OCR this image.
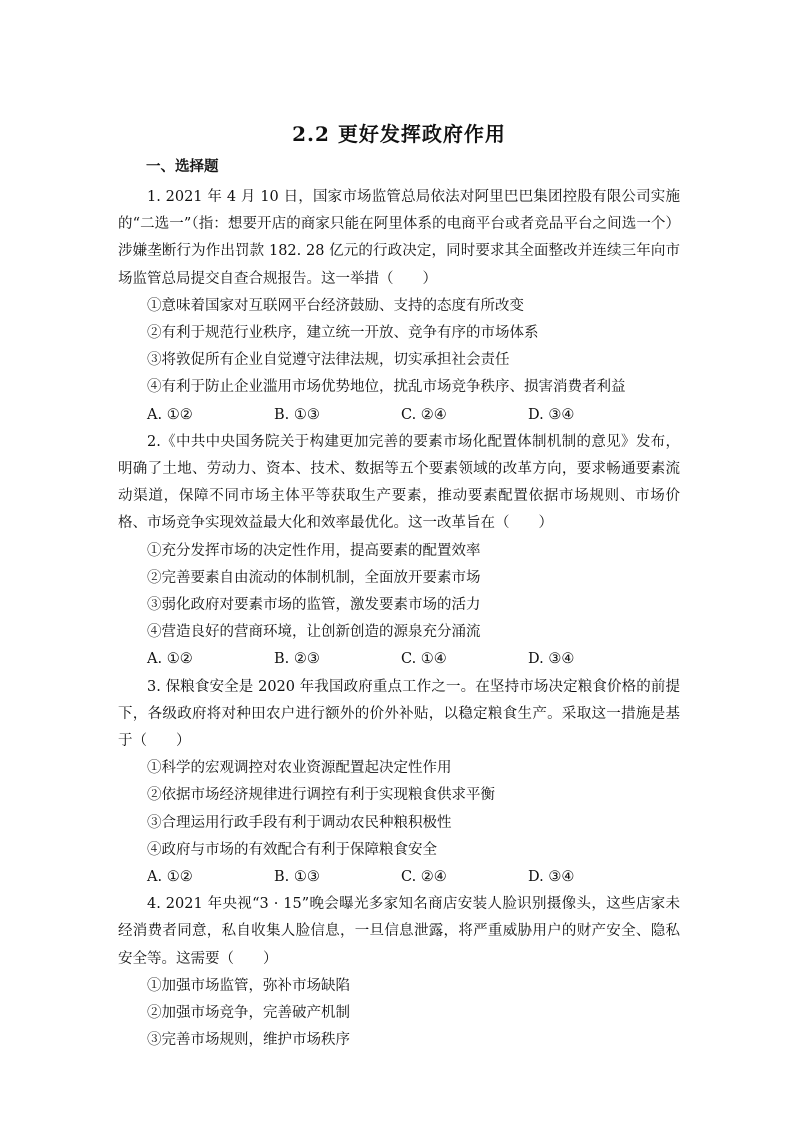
2.2 更好发挥政府作用
一、选择题

1. 2021 年 4 月 10 日，国家市场监管总局依法对阿里巴巴集团控股有限公司实施的“二选一”（指：想要开店的商家只能在阿里体系的电商平台或者竞品平台之间选一个）涉嫌垄断行为作出罚款 182. 28 亿元的行政决定，同时要求其全面整改并连续三年向市场监管总局提交自查合规报告。这一举措（　　）

①意味着国家对互联网平台经济鼓励、支持的态度有所改变

②有利于规范行业秩序，建立统一开放、竞争有序的市场体系

③将敦促所有企业自觉遵守法律法规，切实承担社会责任

④有利于防止企业滥用市场优势地位，扰乱市场竞争秩序、损害消费者利益

A. ①②	B. ①③	C. ②④	D. ③④

2.《中共中央国务院关于构建更加完善的要素市场化配置体制机制的意见》发布，明确了土地、劳动力、资本、技术、数据等五个要素领域的改革方向，要求畅通要素流动渠道，保障不同市场主体平等获取生产要素，推动要素配置依据市场规则、市场价格、市场竞争实现效益最大化和效率最优化。这一改革旨在（　　）

①充分发挥市场的决定性作用，提高要素的配置效率

②完善要素自由流动的体制机制，全面放开要素市场

③弱化政府对要素市场的监管，激发要素市场的活力

④营造良好的营商环境，让创新创造的源泉充分涌流

A. ①②	B. ②③	C. ①④	D. ③④

3. 保粮食安全是 2020 年我国政府重点工作之一。在坚持市场决定粮食价格的前提下，各级政府将对种田农户进行额外的价外补贴，以稳定粮食生产。采取这一措施是基于（　　）

①科学的宏观调控对农业资源配置起决定性作用

②依据市场经济规律进行调控有利于实现粮食供求平衡

③合理运用行政手段有利于调动农民种粮积极性

④政府与市场的有效配合有利于保障粮食安全

A. ①②	B. ①③	C. ②④	D. ③④

4. 2021 年央视“3 · 15”晚会曝光多家知名商店安装人脸识别摄像头，这些店家未经消费者同意，私自收集人脸信息，一旦信息泄露，将严重威胁用户的财产安全、隐私安全等。这需要（　　）

①加强市场监管，弥补市场缺陷

②加强市场竞争，完善破产机制

③完善市场规则，维护市场秩序
